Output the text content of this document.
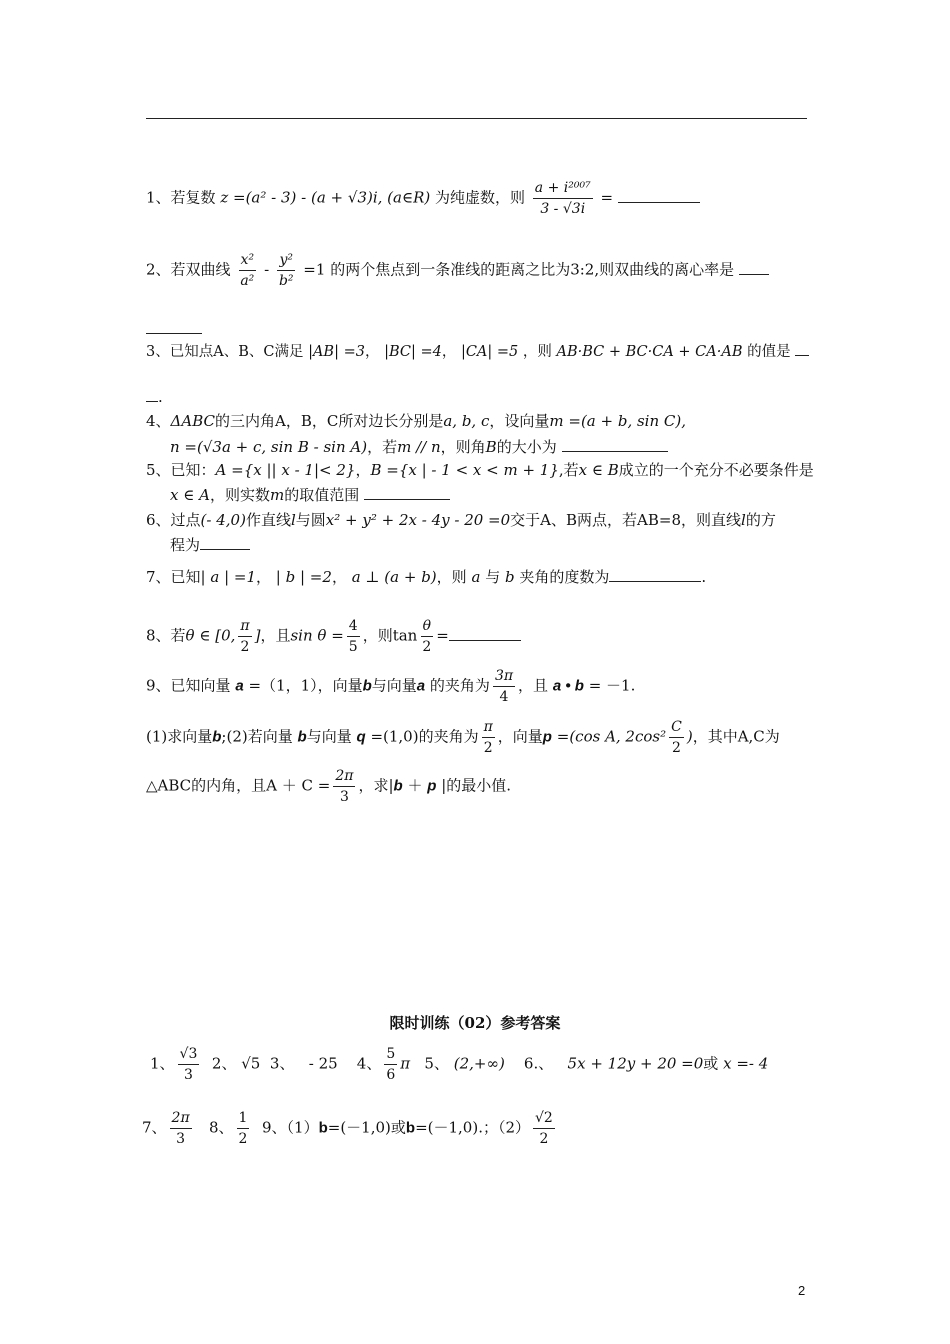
1、若复数 z =(a² - 3) - (a + √3)i, (a∈R) 为纯虚数，则 $\frac{\text{a + i²⁰⁰⁷}}{3 - √3i}$ =
2、若双曲线 $\frac{\text{x²}}{\text{a²}} - \frac{\text{y²}}{\text{b²}} =1$ 的两个焦点到一条准线的距离之比为3:2,则双曲线的离心率是
3、已知点A、B、C满足 |AB| =3， |BC| =4， |CA| =5 ，则 AB·BC + BC·CA + CA·AB 的值是
.
4、ΔABC的三内角A，B，C所对边长分别是a, b, c，设向量m =(a + b, sin C),
n =(√3a + c, sin B - sin A)，若m // n，则角B的大小为
5、已知：A ={x || x - 1|< 2}，B ={x | - 1 < x < m + 1},若x ∈ B成立的一个充分不必要条件是
x ∈ A，则实数m的取值范围
6、过点(- 4,0)作直线l与圆x² + y² + 2x - 4y - 20 =0交于A、B两点，若AB=8，则直线l的方
程为
7、已知| a | =1， | b | =2， a ⊥ (a + b)，则 a 与 b 夹角的度数为	.
8、若θ ∈ [0, $\frac{\pi}{2}$ ]，且$\sin \theta = \frac{4}{5}$ ，则$\tan \frac{\theta}{2}$ =
9、已知向量 a =（1，1），向量b与向量a 的夹角为 $\frac{3\pi}{4}$ ，且 a • b = －1.
(1)求向量b;(2)若向量 b与向量 q =(1,0)的夹角为 $\frac{\pi}{2}$ ，向量p =(cos A, $2\cos^2 \frac{C}{2}$ )，其中A,C为
△ABC的内角，且$A + C = \frac{2\pi}{3}$ ，求|b ＋ p |的最小值.
限时训练（02）参考答案
1、 $\frac{√3}{3} 2$、 √5 3、 - 25 4、 $\frac{5}{6}$ π 5、 (2,+∞) 6.、 5x + 12y + 20 =0或 x =- 4
7、 $\frac{2\pi}{3} 8$、 $\frac{1}{2} 9$、（1）b=(－1,0)或b=(－1,0).；$(2) \frac{√2}{2}$
2
